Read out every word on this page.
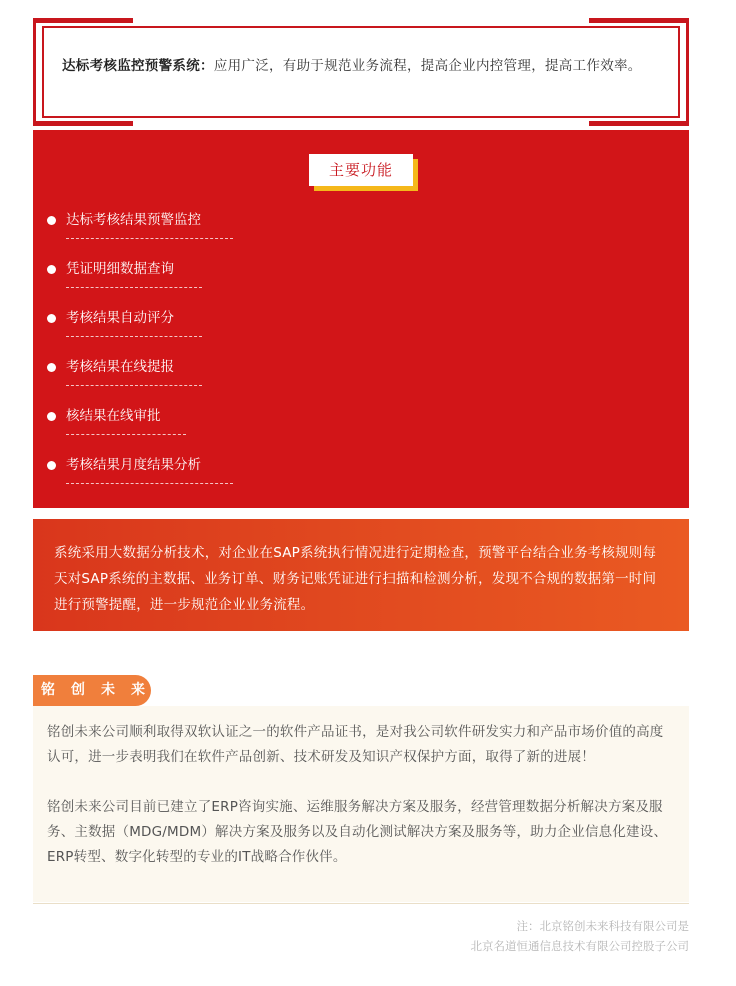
达标考核监控预警系统：应用广泛，有助于规范业务流程，提高企业内控管理，提高工作效率。

主要功能
达标考核结果预警监控
凭证明细数据查询
考核结果自动评分
考核结果在线提报
核结果在线审批
考核结果月度结果分析

系统采用大数据分析技术，对企业在SAP系统执行情况进行定期检查，预警平台结合业务考核规则每天对SAP系统的主数据、业务订单、财务记账凭证进行扫描和检测分析，发现不合规的数据第一时间进行预警提醒，进一步规范企业业务流程。

铭	创	未	来

铭创未来公司顺利取得双软认证之一的软件产品证书，是对我公司软件研发实力和产品市场价值的高度认可，进一步表明我们在软件产品创新、技术研发及知识产权保护方面，取得了新的进展！

铭创未来公司目前已建立了ERP咨询实施、运维服务解决方案及服务，经营管理数据分析解决方案及服务、主数据（MDG/MDM）解决方案及服务以及自动化测试解决方案及服务等，助力企业信息化建设、ERP转型、数字化转型的专业的IT战略合作伙伴。

注：北京铭创未来科技有限公司是
北京名道恒通信息技术有限公司控股子公司
